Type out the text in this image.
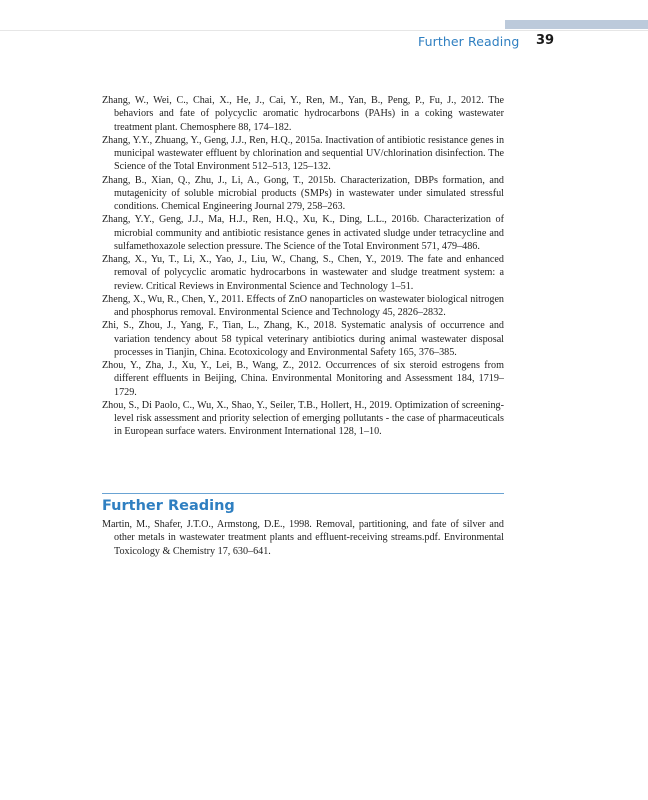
Further Reading 39
Zhang, W., Wei, C., Chai, X., He, J., Cai, Y., Ren, M., Yan, B., Peng, P., Fu, J., 2012. The behaviors and fate of polycyclic aromatic hydrocarbons (PAHs) in a coking wastewater treatment plant. Chemosphere 88, 174–182.
Zhang, Y.Y., Zhuang, Y., Geng, J.J., Ren, H.Q., 2015a. Inactivation of antibiotic resistance genes in municipal wastewater effluent by chlorination and sequential UV/chlorination disinfection. The Science of the Total Environment 512–513, 125–132.
Zhang, B., Xian, Q., Zhu, J., Li, A., Gong, T., 2015b. Characterization, DBPs formation, and mutagenicity of soluble microbial products (SMPs) in wastewater under simulated stressful conditions. Chemical Engineering Journal 279, 258–263.
Zhang, Y.Y., Geng, J.J., Ma, H.J., Ren, H.Q., Xu, K., Ding, L.L., 2016b. Characterization of microbial community and antibiotic resistance genes in activated sludge under tetracycline and sulfamethoxazole selection pressure. The Science of the Total Environment 571, 479–486.
Zhang, X., Yu, T., Li, X., Yao, J., Liu, W., Chang, S., Chen, Y., 2019. The fate and enhanced removal of polycyclic aromatic hydrocarbons in wastewater and sludge treatment system: a review. Critical Reviews in Environmental Science and Technology 1–51.
Zheng, X., Wu, R., Chen, Y., 2011. Effects of ZnO nanoparticles on wastewater biological nitrogen and phosphorus removal. Environmental Science and Technology 45, 2826–2832.
Zhi, S., Zhou, J., Yang, F., Tian, L., Zhang, K., 2018. Systematic analysis of occurrence and variation tendency about 58 typical veterinary antibiotics during animal wastewater disposal processes in Tianjin, China. Ecotoxicology and Environmental Safety 165, 376–385.
Zhou, Y., Zha, J., Xu, Y., Lei, B., Wang, Z., 2012. Occurrences of six steroid estrogens from different effluents in Beijing, China. Environmental Monitoring and Assessment 184, 1719–1729.
Zhou, S., Di Paolo, C., Wu, X., Shao, Y., Seiler, T.B., Hollert, H., 2019. Optimization of screening-level risk assessment and priority selection of emerging pollutants - the case of pharmaceuticals in European surface waters. Environment International 128, 1–10.
Further Reading
Martin, M., Shafer, J.T.O., Armstong, D.E., 1998. Removal, partitioning, and fate of silver and other metals in wastewater treatment plants and effluent-receiving streams.pdf. Environmental Toxicology & Chemistry 17, 630–641.
